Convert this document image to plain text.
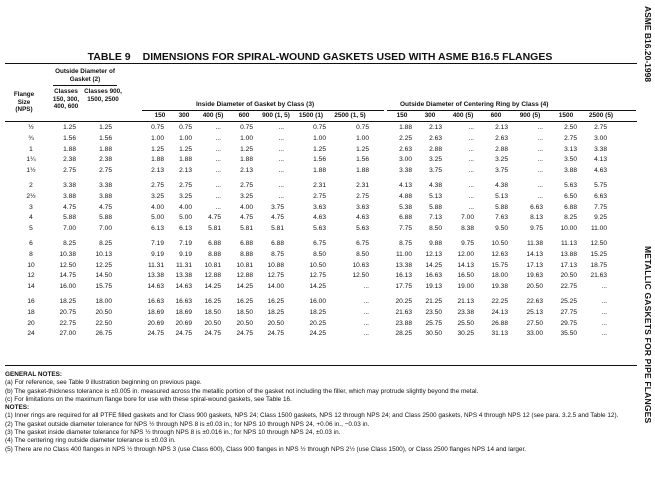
ASME B16.20-1998
METALLIC GASKETS FOR PIPE FLANGES
TABLE 9 DIMENSIONS FOR SPIRAL-WOUND GASKETS USED WITH ASME B16.5 FLANGES
Outside Diameter of Gasket (2)
Classes 150, 300, 400, 600
Classes 900, 1500, 2500
Flange Size (NPS)
Inside Diameter of Gasket by Class (3)	Outside Diameter of Centering Ring by Class (4)
150 300 400 (5) 600 900 (1, 5) 1500 (1) 2500 (1, 5)	150	300	400 (5)	600	900 (5)	1500 2500 (5)
½	1.25	1.25	0.75 0.75	...	0.75	...	0.75	0.75	1.88	2.13	...	2.13	...	2.50	2.75
¾	1.56	1.56	1.00 1.00	...	1.00	...	1.00	1.00	2.25	2.63	...	2.63	...	2.75	3.00
1	1.88	1.88	1.25 1.25	...	1.25	...	1.25	1.25	2.63	2.88	...	2.88	...	3.13	3.38
1¼	2.38	2.38	1.88 1.88	...	1.88	...	1.56	1.56	3.00	3.25	...	3.25	...	3.50	4.13
1½	2.75	2.75	2.13 2.13	...	2.13	...	1.88	1.88	3.38	3.75	...	3.75	...	3.88	4.63
2	3.38	3.38	2.75 2.75	...	2.75	...	2.31	2.31	4.13	4.38	...	4.38	...	5.63	5.75
2½	3.88	3.88	3.25 3.25	...	3.25	...	2.75	2.75	4.88	5.13	...	5.13	...	6.50	6.63
3	4.75	4.75	4.00 4.00	...	4.00	3.75	3.63	3.63	5.38	5.88	...	5.88	6.63	6.88	7.75
4	5.88	5.88	5.00 5.00 4.75	4.75	4.75	4.63	4.63	6.88	7.13	7.00	7.63	8.13	8.25	9.25
5	7.00	7.00	6.13 6.13 5.81	5.81	5.81	5.63	5.63	7.75	8.50	8.38	9.50	9.75	10.00 11.00
6	8.25	8.25	7.19 7.19 6.88	6.88	6.88	6.75	6.75	8.75	9.88	9.75	10.50	11.38	11.13 12.50
8	10.38	10.13	9.19 9.19 8.88	8.88	8.75	8.50	8.50	11.00 12.13 12.00	12.63	14.13	13.88 15.25
10	12.50	12.25	11.31 11.31 10.81 10.81 10.88	10.50	10.63	13.38 14.25 14.13	15.75	17.13	17.13 18.75
12	14.75	14.50	13.38 13.38 12.88 12.88 12.75	12.75	12.50	16.13 16.63 16.50	18.00	19.63	20.50 21.63
14	16.00	15.75	14.63 14.63 14.25 14.25 14.00	14.25	...	17.75 19.13 19.00	19.38	20.50	22.75	...
16	18.25	18.00	16.63 16.63 16.25 16.25 16.25	16.00	...	20.25 21.25 21.13	22.25	22.63	25.25	...
18	20.75	20.50	18.69 18.69 18.50 18.50 18.25	18.25	...	21.63 23.50 23.38	24.13	25.13	27.75	...
20	22.75	22.50	20.69 20.69 20.50 20.50 20.50	20.25	...	23.88 25.75 25.50	26.88	27.50	29.75	...
24	27.00	26.75	24.75 24.75 24.75 24.75 24.75	24.25	...	28.25 30.50 30.25	31.13	33.00	35.50	...
GENERAL NOTES:
(a) For reference, see Table 9 illustration beginning on previous page.
(b) The gasket-thickness tolerance is ±0.005 in. measured across the metallic portion of the gasket not including the filler, which may protrude slightly beyond the metal.
(c) For limitations on the maximum flange bore for use with these spiral-wound gaskets, see Table 16.
NOTES:
(1) Inner rings are required for all PTFE filled gaskets and for Class 900 gaskets, NPS 24; Class 1500 gaskets, NPS 12 through NPS 24; and Class 2500 gaskets, NPS 4 through NPS 12 (see para. 3.2.5 and Table 12).
(2) The gasket outside diameter tolerance for NPS ½ through NPS 8 is ±0.03 in.; for NPS 10 through NPS 24, +0.06 in., −0.03 in.
(3) The gasket inside diameter tolerance for NPS ½ through NPS 8 is ±0.016 in.; for NPS 10 through NPS 24, ±0.03 in.
(4) The centering ring outside diameter tolerance is ±0.03 in.
(5) There are no Class 400 flanges in NPS ½ through NPS 3 (use Class 600), Class 900 flanges in NPS ½ through NPS 2½ (use Class 1500), or Class 2500 flanges NPS 14 and larger.
